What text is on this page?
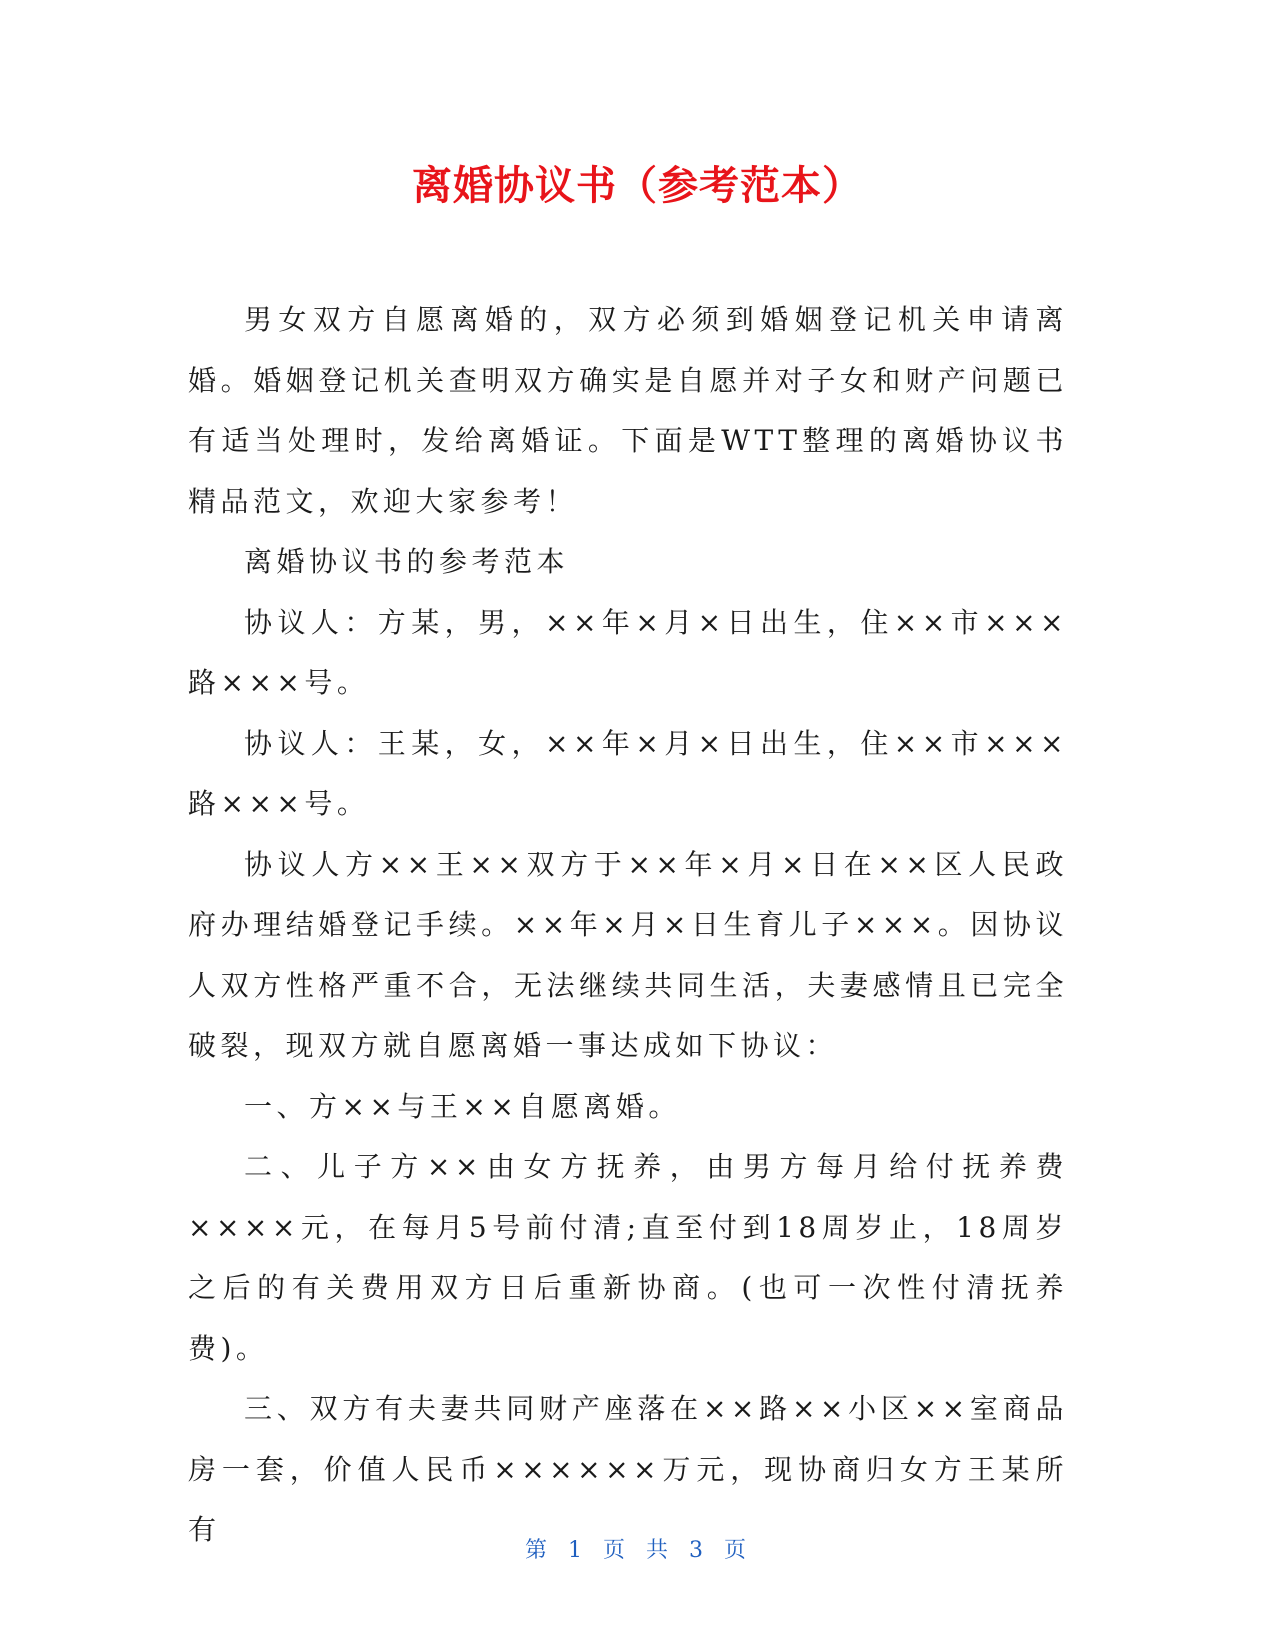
离婚协议书（参考范本）

男女双方自愿离婚的，双方必须到婚姻登记机关申请离婚。婚姻登记机关查明双方确实是自愿并对子女和财产问题已有适当处理时，发给离婚证。下面是WTT整理的离婚协议书精品范文，欢迎大家参考！

离婚协议书的参考范本

协议人：方某，男，××年×月×日出生，住××市×××路×××号。

协议人：王某，女，××年×月×日出生，住××市×××路×××号。

协议人方××王××双方于××年×月×日在××区人民政府办理结婚登记手续。××年×月×日生育儿子×××。因协议人双方性格严重不合，无法继续共同生活，夫妻感情且已完全破裂，现双方就自愿离婚一事达成如下协议：

一、方××与王××自愿离婚。

二、儿子方××由女方抚养，由男方每月给付抚养费××××元，在每月5号前付清;直至付到18周岁止，18周岁之后的有关费用双方日后重新协商。(也可一次性付清抚养费)。

三、双方有夫妻共同财产座落在××路××小区××室商品房一套，价值人民币××××××万元，现协商归女方王某所有

第 1 页 共 3 页
